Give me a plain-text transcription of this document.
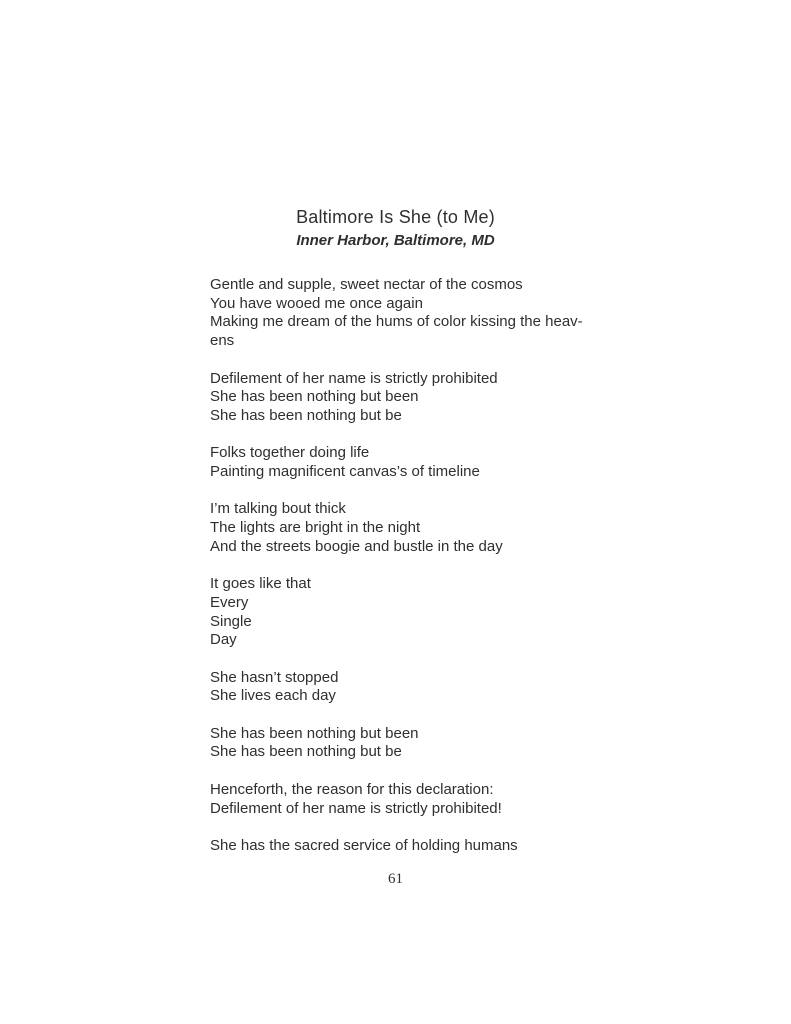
Baltimore Is She (to Me)
Inner Harbor, Baltimore, MD
Gentle and supple, sweet nectar of the cosmos
You have wooed me once again
Making me dream of the hums of color kissing the heav-
ens
Defilement of her name is strictly prohibited
She has been nothing but been
She has been nothing but be
Folks together doing life
Painting magnificent canvas’s of timeline
I’m talking bout thick
The lights are bright in the night
And the streets boogie and bustle in the day
It goes like that
Every
Single
Day
She hasn’t stopped
She lives each day
She has been nothing but been
She has been nothing but be
Henceforth, the reason for this declaration:
Defilement of her name is strictly prohibited!
She has the sacred service of holding humans
61
